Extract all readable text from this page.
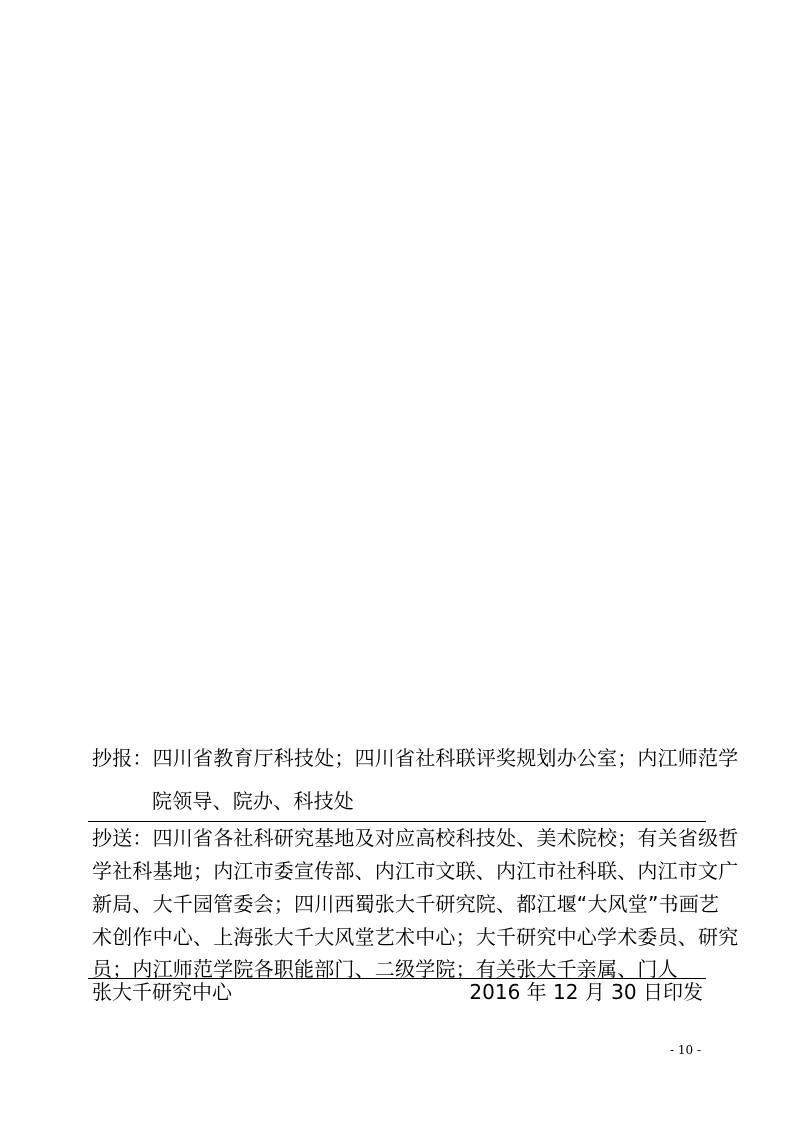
抄报：四川省教育厅科技处；四川省社科联评奖规划办公室；内江师范学
院领导、院办、科技处
抄送：四川省各社科研究基地及对应高校科技处、美术院校；有关省级哲
学社科基地；内江市委宣传部、内江市文联、内江市社科联、内江市文广
新局、大千园管委会；四川西蜀张大千研究院、都江堰“大风堂”书画艺
术创作中心、上海张大千大风堂艺术中心；大千研究中心学术委员、研究
员；内江师范学院各职能部门、二级学院；有关张大千亲属、门人
张大千研究中心	2016 年 12 月 30 日印发
- 10 -
